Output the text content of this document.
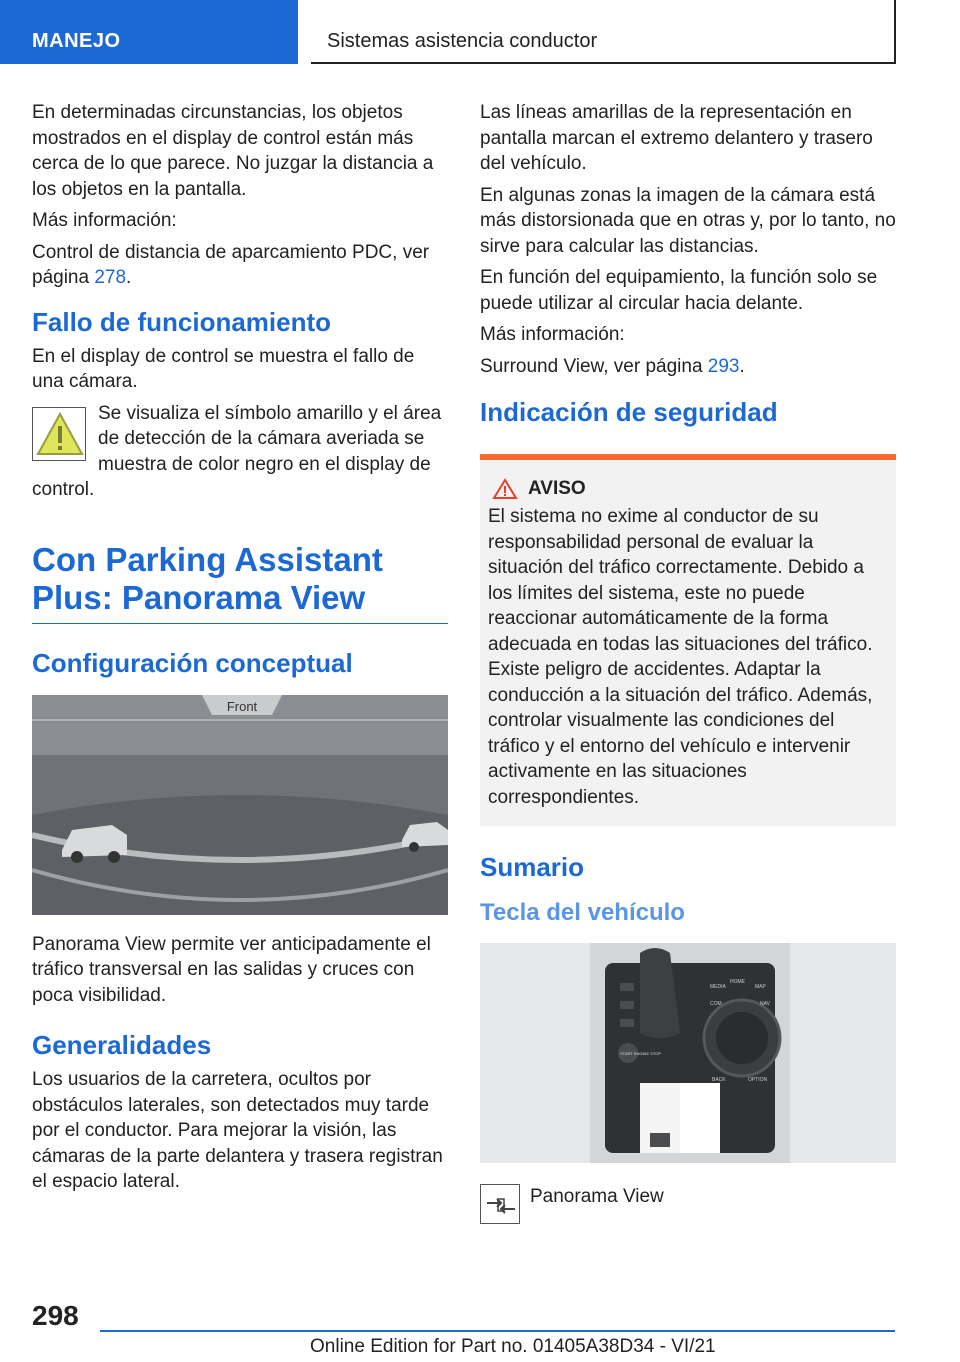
MANEJO	Sistemas asistencia conductor

En determinadas circunstancias, los objetos mostrados en el display de control están más cerca de lo que parece. No juzgar la distancia a los objetos en la pantalla.

Más información:

Control de distancia de aparcamiento PDC, ver página 278.

Fallo de funcionamiento

En el display de control se muestra el fallo de una cámara.

Se visualiza el símbolo amarillo y el área de detección de la cámara averiada se muestra de color negro en el display de

control.

Con Parking Assistant
Plus: Panorama View
Configuración conceptual
Front

Panorama View permite ver anticipadamente el tráfico transversal en las salidas y cruces con poca visibilidad.

Generalidades

Los usuarios de la carretera, ocultos por obstáculos laterales, son detectados muy tarde por el conductor. Para mejorar la visión, las cámaras de la parte delantera y trasera registran el espacio lateral.

Las líneas amarillas de la representación en pantalla marcan el extremo delantero y trasero del vehículo.

En algunas zonas la imagen de la cámara está más distorsionada que en otras y, por lo tanto, no sirve para calcular las distancias.

En función del equipamiento, la función solo se puede utilizar al circular hacia delante.

Más información:

Surround View, ver página 293.

Indicación de seguridad
AVISO

El sistema no exime al conductor de su responsabilidad personal de evaluar la situación del tráfico correctamente. Debido a los límites del sistema, este no puede reaccionar automáticamente de la forma adecuada en todas las situaciones del tráfico. Existe peligro de accidentes. Adaptar la conducción a la situación del tráfico. Además, controlar visualmente las condiciones del tráfico y el entorno del vehículo e intervenir activamente en las situaciones correspondientes.

Sumario
Tecla del vehículo
MEDIA
HOME
MAP
COM	NAV
BACK	OPTION
START ENGINE STOP

Panorama View

298
Online Edition for Part no. 01405A38D34 - VI/21
